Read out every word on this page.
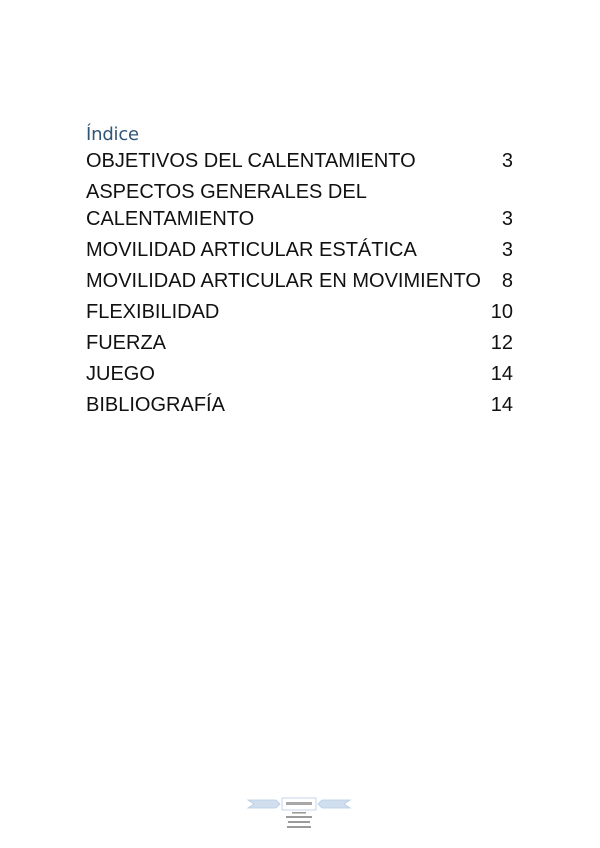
Índice
OBJETIVOS DEL CALENTAMIENTO	3
ASPECTOS GENERALES DEL CALENTAMIENTO	3
MOVILIDAD ARTICULAR ESTÁTICA	3
MOVILIDAD ARTICULAR EN MOVIMIENTO	8
FLEXIBILIDAD	10
FUERZA	12
JUEGO	14
BIBLIOGRAFÍA	14
